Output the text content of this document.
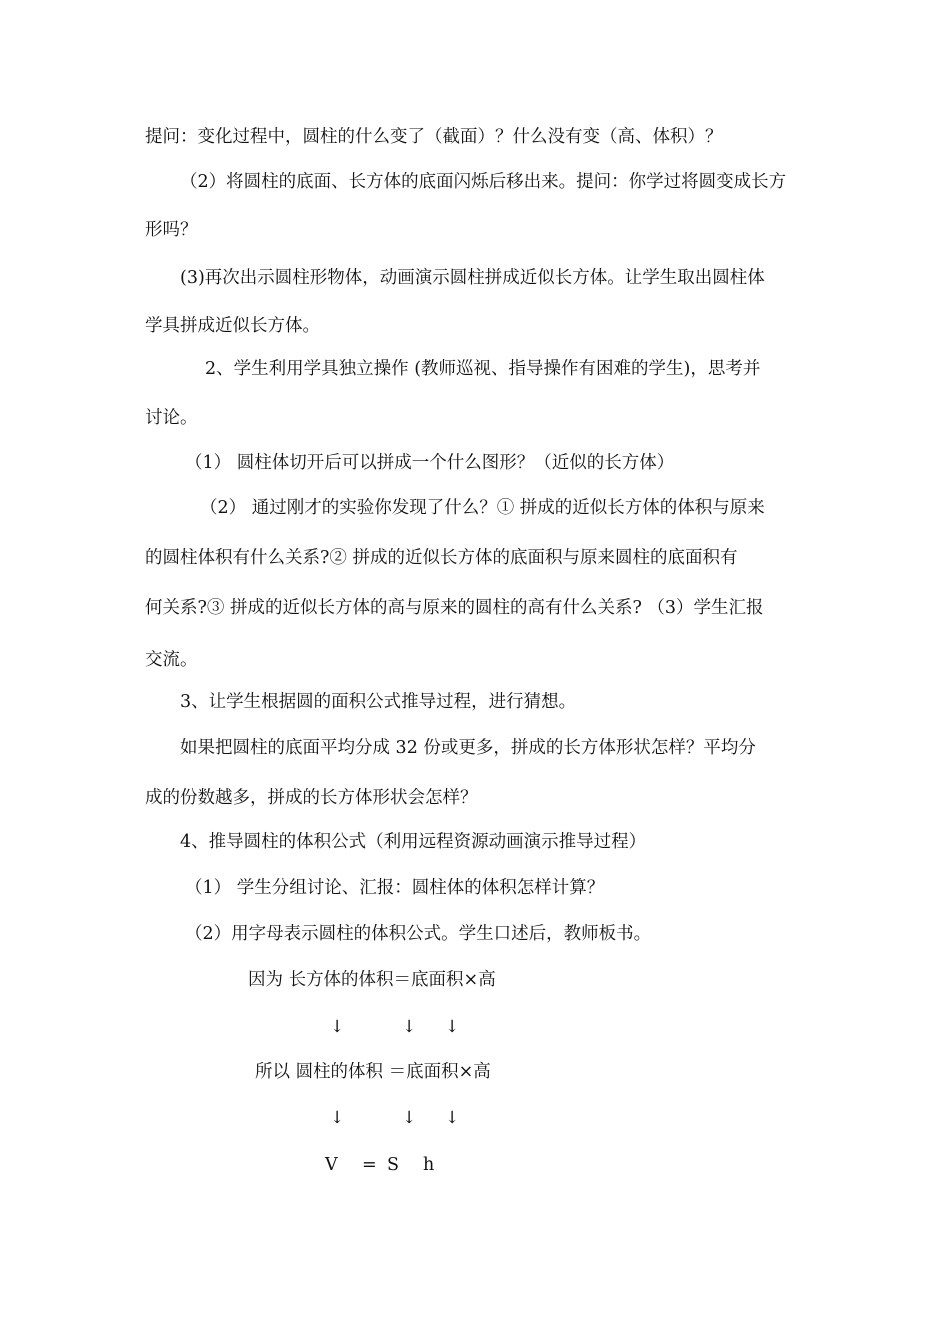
提问：变化过程中，圆柱的什么变了（截面）？什么没有变（高、体积）？
（2）将圆柱的底面、长方体的底面闪烁后移出来。提问：你学过将圆变成长方
形吗？
(3)再次出示圆柱形物体，动画演示圆柱拼成近似长方体。让学生取出圆柱体
学具拼成近似长方体。
2、学生利用学具独立操作 (教师巡视、指导操作有困难的学生)，思考并
讨论。
（1） 圆柱体切开后可以拼成一个什么图形？（近似的长方体）
（2） 通过刚才的实验你发现了什么？① 拼成的近似长方体的体积与原来
的圆柱体积有什么关系?② 拼成的近似长方体的底面积与原来圆柱的底面积有
何关系?③ 拼成的近似长方体的高与原来的圆柱的高有什么关系? （3）学生汇报
交流。
3、让学生根据圆的面积公式推导过程，进行猜想。
如果把圆柱的底面平均分成 32 份或更多，拼成的长方体形状怎样？平均分
成的份数越多，拼成的长方体形状会怎样？
4、推导圆柱的体积公式（利用远程资源动画演示推导过程）
（1） 学生分组讨论、汇报：圆柱体的体积怎样计算？
（2）用字母表示圆柱的体积公式。学生口述后，教师板书。
因为 长方体的体积＝底面积×高
↓	↓ ↓
所以 圆柱的体积 ＝底面积×高
↓	↓ ↓
V = S h
